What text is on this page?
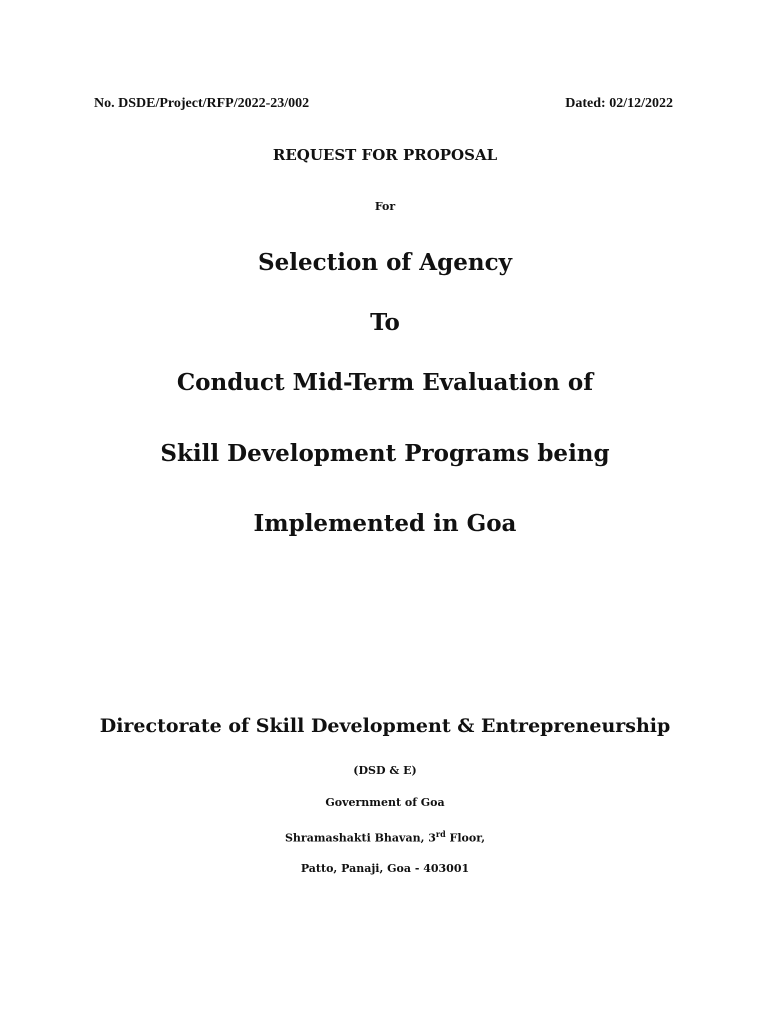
No. DSDE/Project/RFP/2022-23/002	Dated: 02/12/2022
REQUEST FOR PROPOSAL
For
Selection of Agency
To
Conduct Mid-Term Evaluation of
Skill Development Programs being
Implemented in Goa
Directorate of Skill Development & Entrepreneurship
(DSD & E)
Government of Goa
Shramashakti Bhavan, 3rd Floor,
Patto, Panaji, Goa - 403001
